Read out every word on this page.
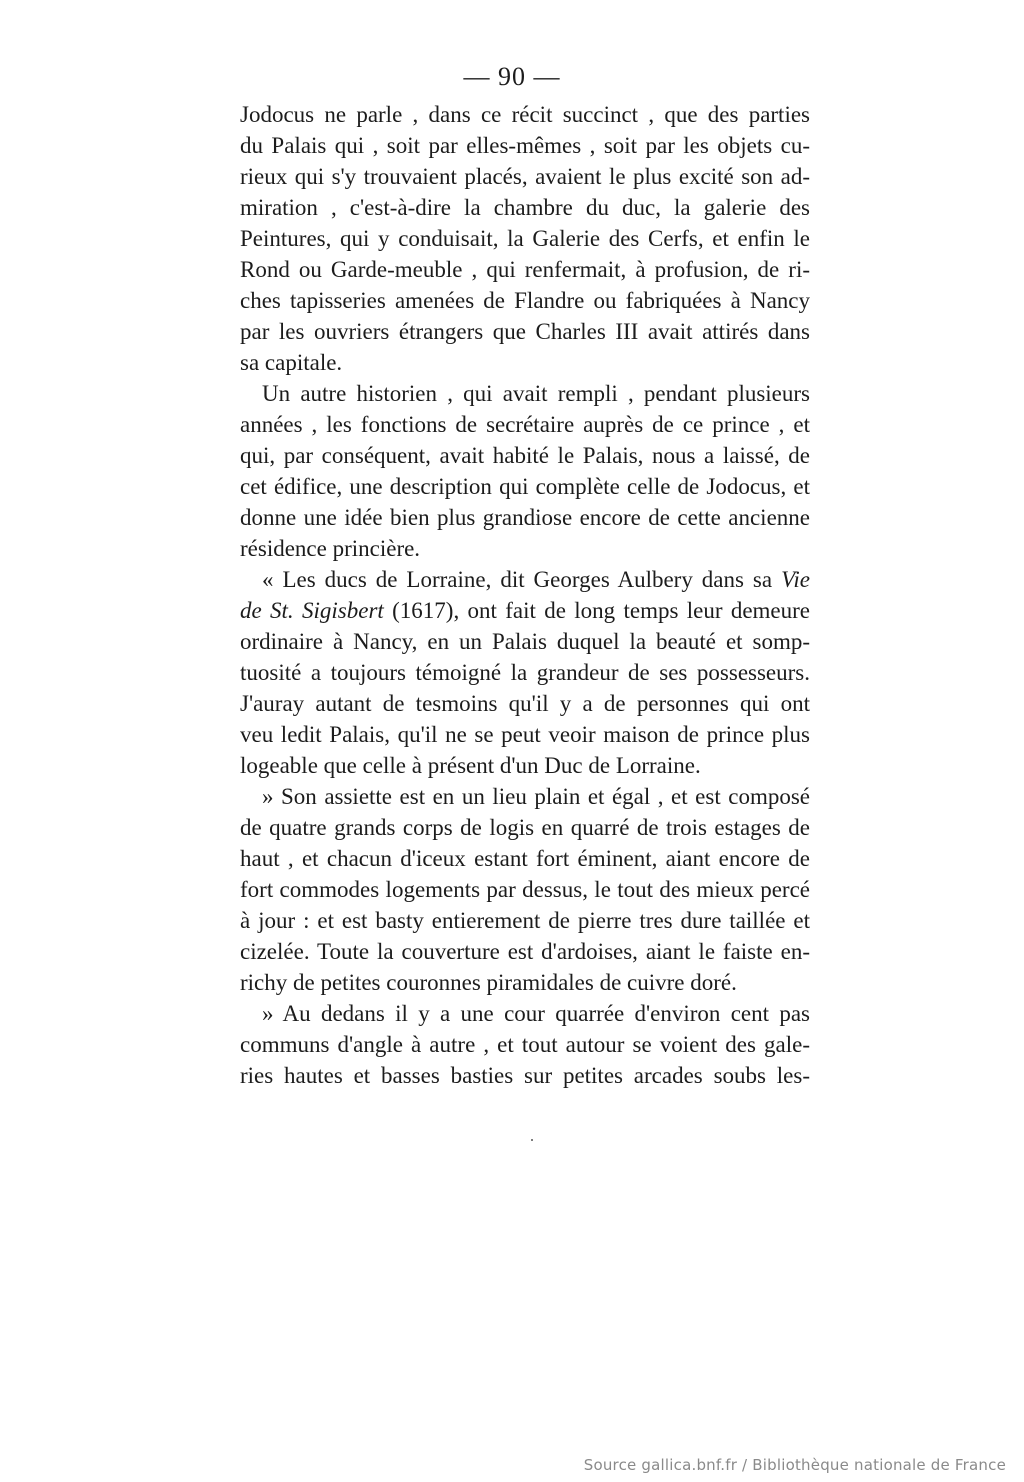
— 90 —

Jodocus ne parle , dans ce récit succinct , que des parties
du Palais qui , soit par elles-mêmes , soit par les objets cu-
rieux qui s'y trouvaient placés, avaient le plus excité son ad-
miration , c'est-à-dire la chambre du duc, la galerie des
Peintures, qui y conduisait, la Galerie des Cerfs, et enfin le
Rond ou Garde-meuble , qui renfermait, à profusion, de ri-
ches tapisseries amenées de Flandre ou fabriquées à Nancy
par les ouvriers étrangers que Charles III avait attirés dans
sa capitale.

Un autre historien , qui avait rempli , pendant plusieurs
années , les fonctions de secrétaire auprès de ce prince , et
qui, par conséquent, avait habité le Palais, nous a laissé, de
cet édifice, une description qui complète celle de Jodocus, et
donne une idée bien plus grandiose encore de cette ancienne
résidence princière.

« Les ducs de Lorraine, dit Georges Aulbery dans sa Vie
de St. Sigisbert (1617), ont fait de long temps leur demeure
ordinaire à Nancy, en un Palais duquel la beauté et somp-
tuosité a toujours témoigné la grandeur de ses possesseurs.
J'auray autant de tesmoins qu'il y a de personnes qui ont
veu ledit Palais, qu'il ne se peut veoir maison de prince plus
logeable que celle à présent d'un Duc de Lorraine.

» Son assiette est en un lieu plain et égal , et est composé
de quatre grands corps de logis en quarré de trois estages de
haut , et chacun d'iceux estant fort éminent, aiant encore de
fort commodes logements par dessus, le tout des mieux percé
à jour : et est basty entierement de pierre tres dure taillée et
cizelée. Toute la couverture est d'ardoises, aiant le faiste en-
richy de petites couronnes piramidales de cuivre doré.

» Au dedans il y a une cour quarrée d'environ cent pas
communs d'angle à autre , et tout autour se voient des gale-
ries hautes et basses basties sur petites arcades soubs les-

Source gallica.bnf.fr / Bibliothèque nationale de France
